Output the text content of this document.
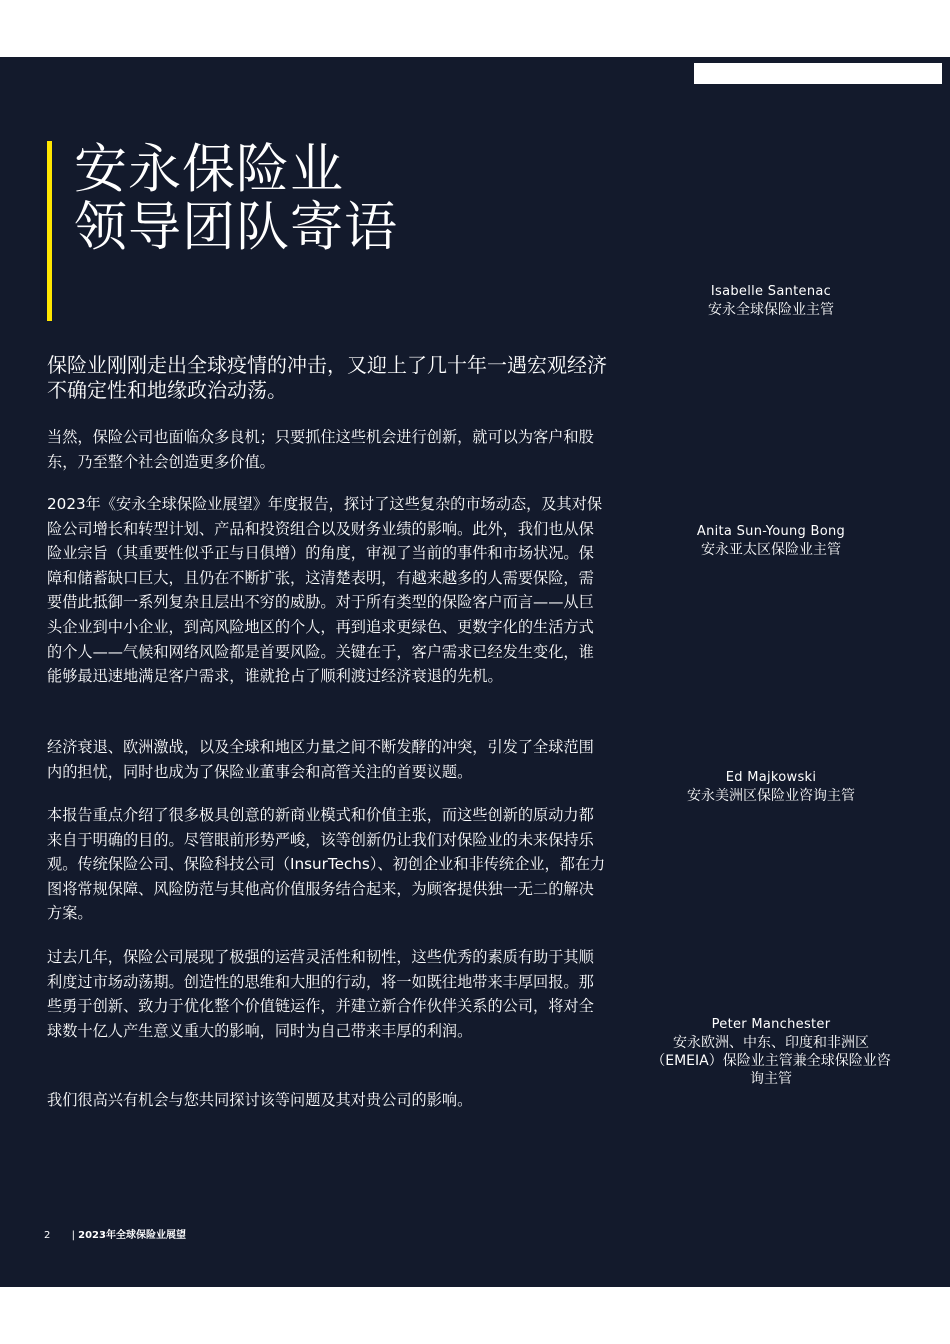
安永保险业
领导团队寄语

保险业刚刚走出全球疫情的冲击，又迎上了几十年一遇宏观经济不确定性和地缘政治动荡。

当然，保险公司也面临众多良机；只要抓住这些机会进行创新，就可以为客户和股东，乃至整个社会创造更多价值。

2023年《安永全球保险业展望》年度报告，探讨了这些复杂的市场动态，及其对保险公司增长和转型计划、产品和投资组合以及财务业绩的影响。此外，我们也从保险业宗旨（其重要性似乎正与日俱增）的角度，审视了当前的事件和市场状况。保障和储蓄缺口巨大，且仍在不断扩张，这清楚表明，有越来越多的人需要保险，需要借此抵御一系列复杂且层出不穷的威胁。对于所有类型的保险客户而言——从巨头企业到中小企业，到高风险地区的个人，再到追求更绿色、更数字化的生活方式的个人——气候和网络风险都是首要风险。关键在于，客户需求已经发生变化，谁能够最迅速地满足客户需求，谁就抢占了顺利渡过经济衰退的先机。

经济衰退、欧洲激战，以及全球和地区力量之间不断发酵的冲突，引发了全球范围内的担忧，同时也成为了保险业董事会和高管关注的首要议题。

本报告重点介绍了很多极具创意的新商业模式和价值主张，而这些创新的原动力都来自于明确的目的。尽管眼前形势严峻，该等创新仍让我们对保险业的未来保持乐观。传统保险公司、保险科技公司（InsurTechs）、初创企业和非传统企业，都在力图将常规保障、风险防范与其他高价值服务结合起来，为顾客提供独一无二的解决方案。

过去几年，保险公司展现了极强的运营灵活性和韧性，这些优秀的素质有助于其顺利度过市场动荡期。创造性的思维和大胆的行动，将一如既往地带来丰厚回报。那些勇于创新、致力于优化整个价值链运作，并建立新合作伙伴关系的公司，将对全球数十亿人产生意义重大的影响，同时为自己带来丰厚的利润。

我们很高兴有机会与您共同探讨该等问题及其对贵公司的影响。

Isabelle Santenac
安永全球保险业主管
Anita Sun-Young Bong
安永亚太区保险业主管
Ed Majkowski
安永美洲区保险业咨询主管
Peter Manchester
安永欧洲、中东、印度和非洲区（EMEIA）保险业主管兼全球保险业咨询主管
2 | 2023年全球保险业展望
